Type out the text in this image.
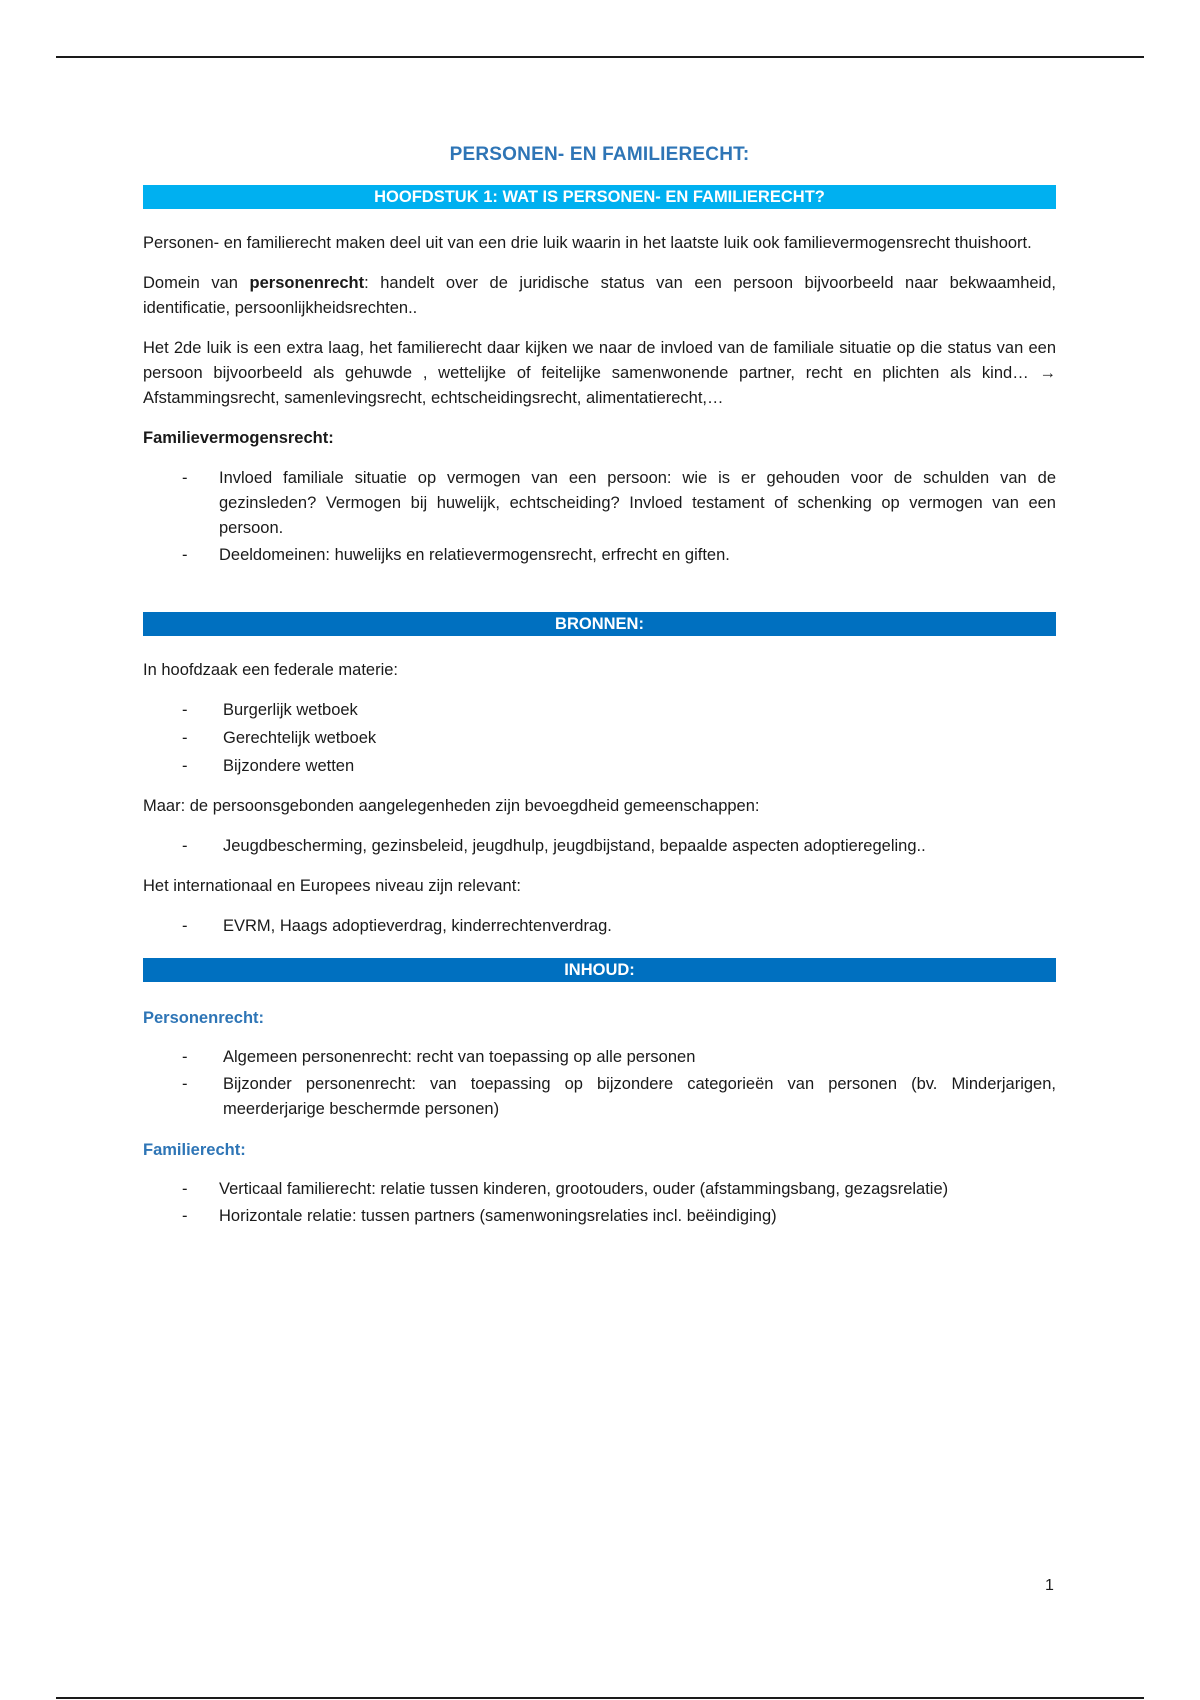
PERSONEN- EN FAMILIERECHT:
HOOFDSTUK 1: WAT IS PERSONEN- EN FAMILIERECHT?

Personen- en familierecht maken deel uit van een drie luik waarin in het laatste luik ook familievermogensrecht thuishoort.

Domein van personenrecht: handelt over de juridische status van een persoon bijvoorbeeld naar bekwaamheid, identificatie, persoonlijkheidsrechten..

Het 2de luik is een extra laag, het familierecht daar kijken we naar de invloed van de familiale situatie op die status van een persoon bijvoorbeeld als gehuwde , wettelijke of feitelijke samenwonende partner, recht en plichten als kind… → Afstammingsrecht, samenlevingsrecht, echtscheidingsrecht, alimentatierecht,…

Familievermogensrecht:
- Invloed familiale situatie op vermogen van een persoon: wie is er gehouden voor de schulden van de gezinsleden? Vermogen bij huwelijk, echtscheiding? Invloed testament of schenking op vermogen van een persoon.
- Deeldomeinen: huwelijks en relatievermogensrecht, erfrecht en giften.
BRONNEN:

In hoofdzaak een federale materie:

- Burgerlijk wetboek
- Gerechtelijk wetboek
- Bijzondere wetten

Maar: de persoonsgebonden aangelegenheden zijn bevoegdheid gemeenschappen:

- Jeugdbescherming, gezinsbeleid, jeugdhulp, jeugdbijstand, bepaalde aspecten adoptieregeling..

Het internationaal en Europees niveau zijn relevant:

- EVRM, Haags adoptieverdrag, kinderrechtenverdrag.
INHOUD:
Personenrecht:
- Algemeen personenrecht: recht van toepassing op alle personen
- Bijzonder personenrecht: van toepassing op bijzondere categorieën van personen (bv. Minderjarigen, meerderjarige beschermde personen)
Familierecht:
- Verticaal familierecht: relatie tussen kinderen, grootouders, ouder (afstammingsbang, gezagsrelatie)
- Horizontale relatie: tussen partners (samenwoningsrelaties incl. beëindiging)
1
